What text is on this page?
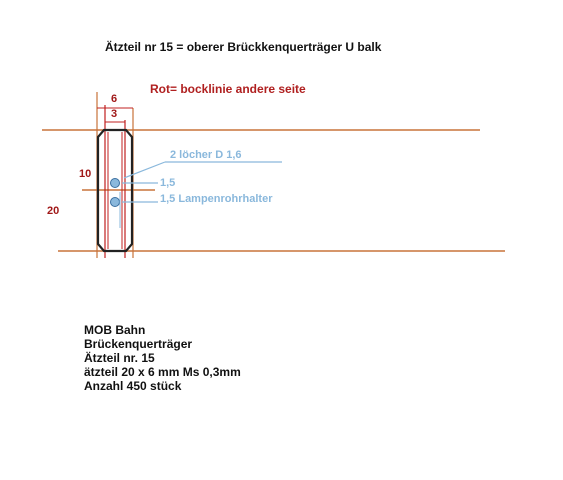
Ätzteil nr 15 = oberer Brückkenquerträger U balk
Rot= bocklinie andere seite
6
3
10
20
2 löcher D 1,6
1,5
1,5 Lampenrohrhalter
MOB Bahn
Brückenquerträger
Ätzteil nr. 15
ätzteil 20 x 6 mm Ms 0,3mm
Anzahl 450 stück
